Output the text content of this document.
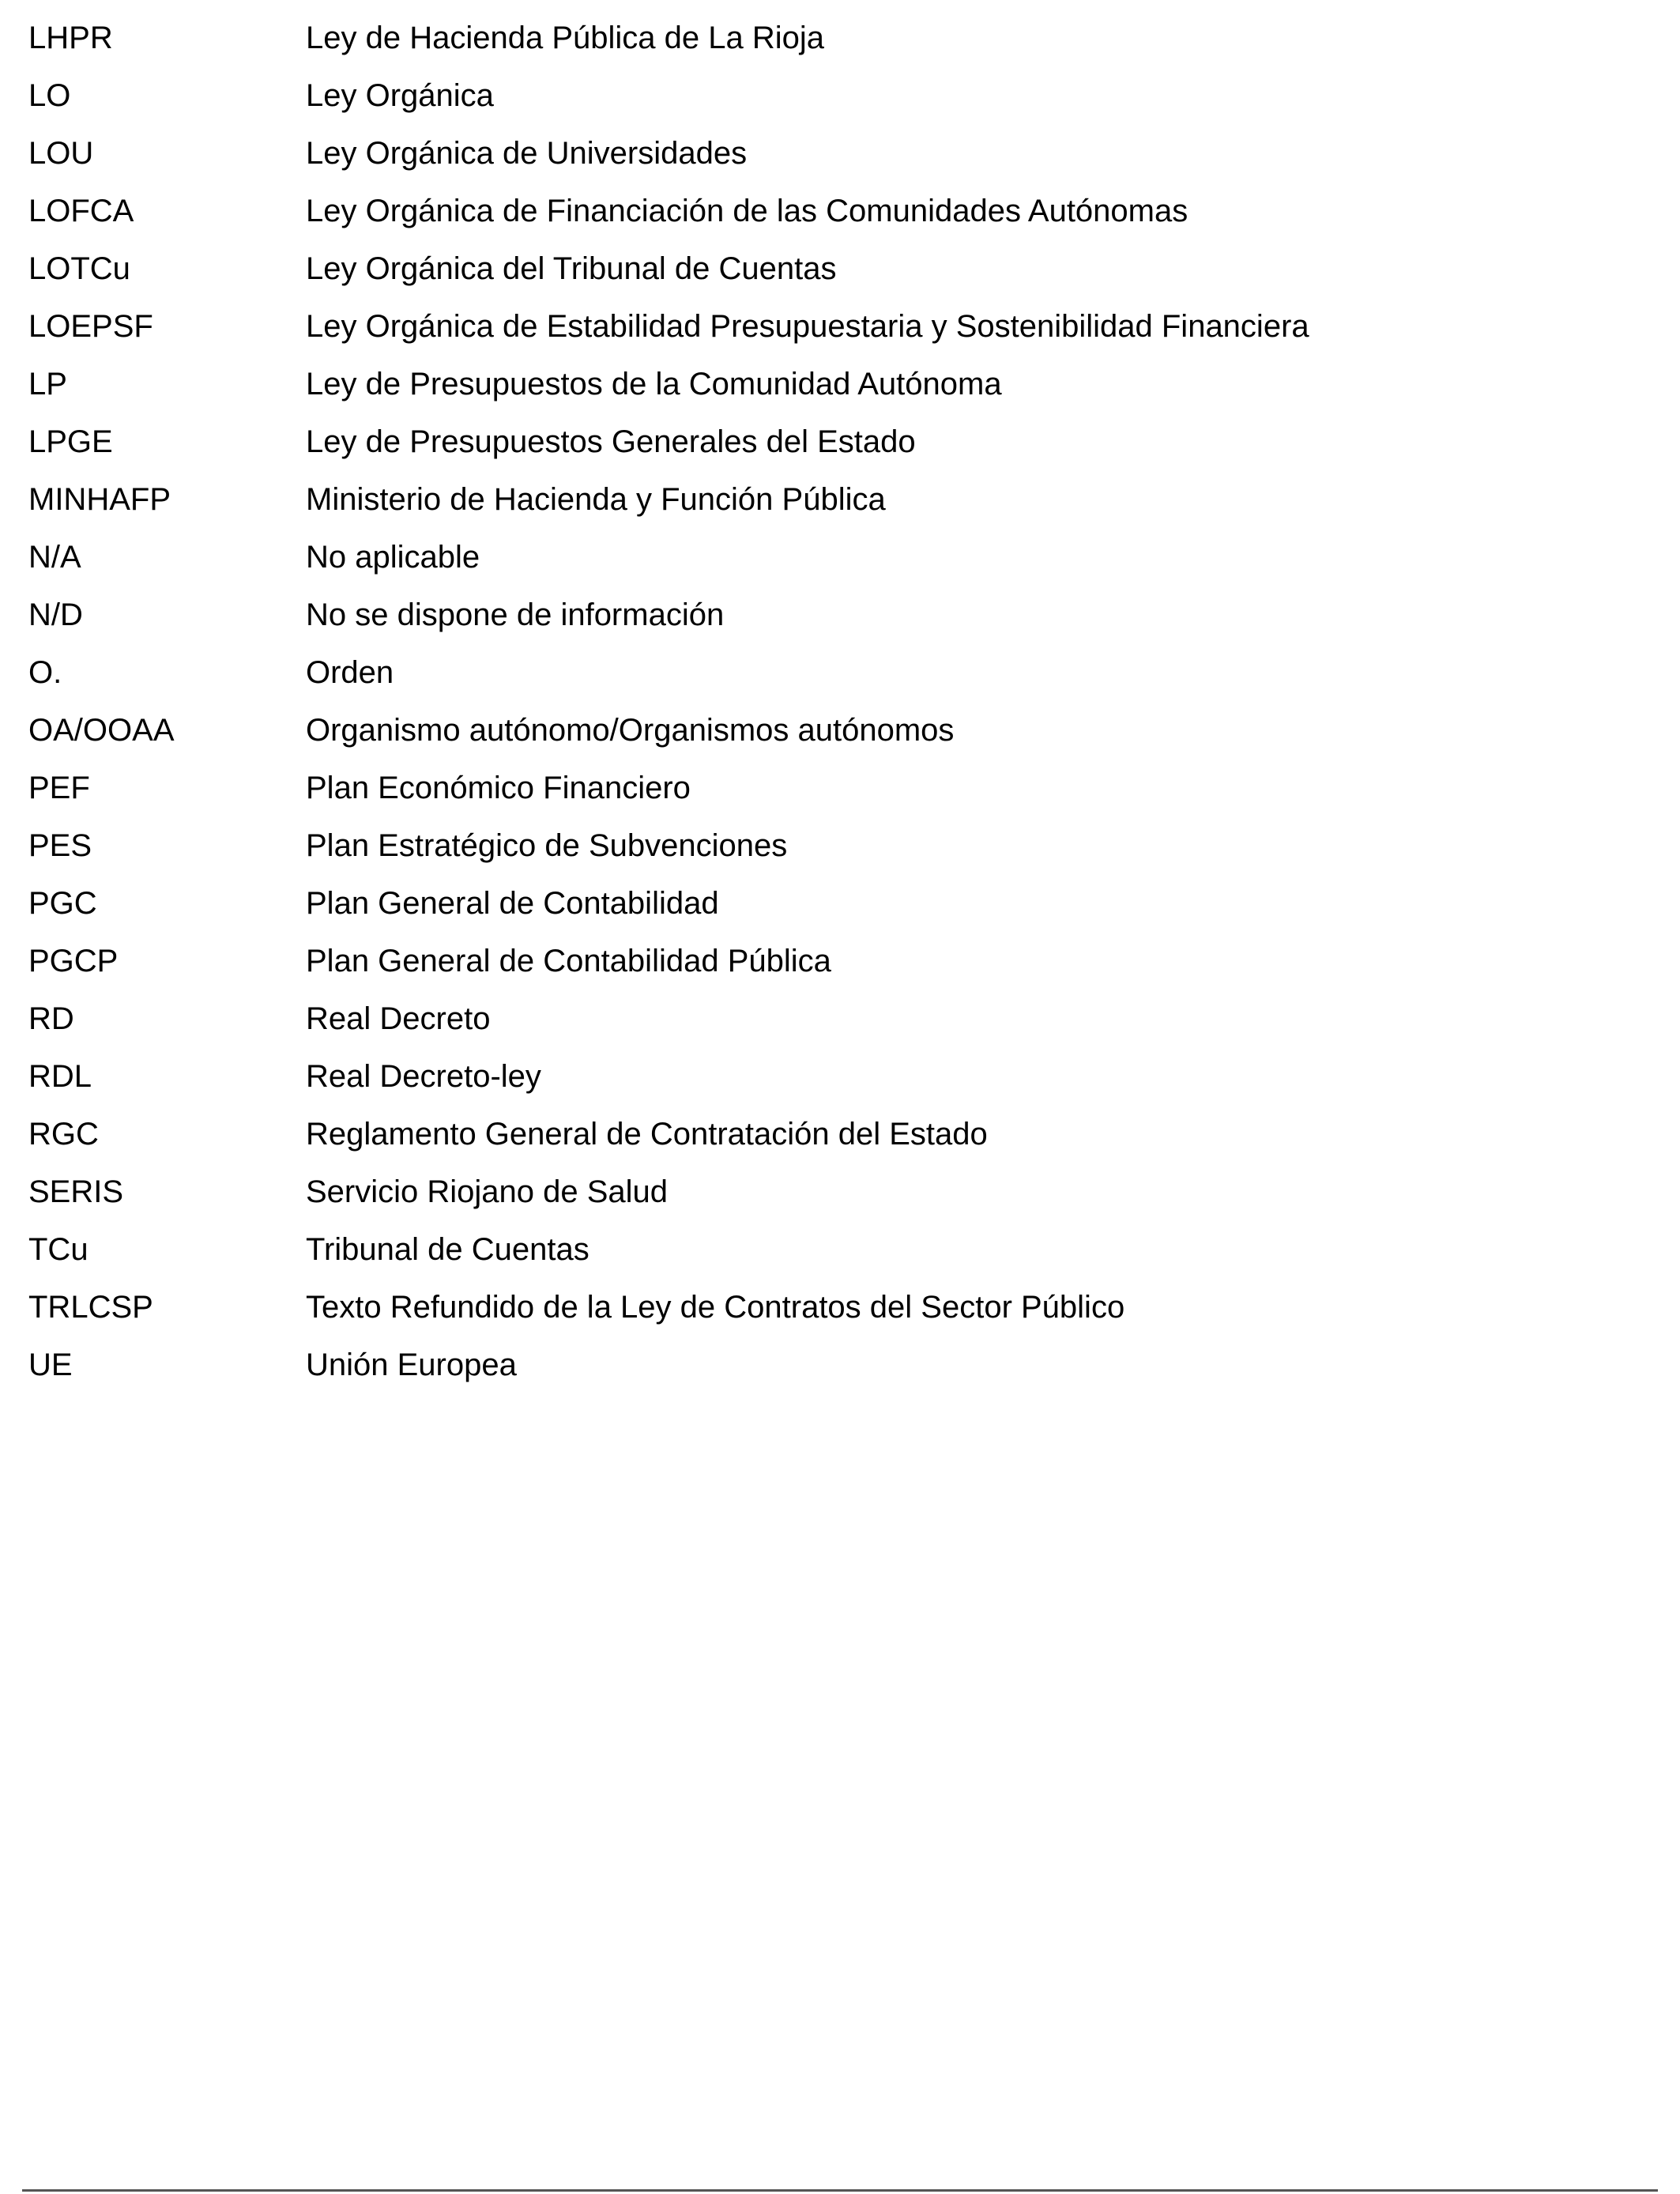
LHPR	Ley de Hacienda Pública de La Rioja
LO	Ley Orgánica
LOU	Ley Orgánica de Universidades
LOFCA	Ley Orgánica de Financiación de las Comunidades Autónomas
LOTCu	Ley Orgánica del Tribunal de Cuentas
LOEPSF	Ley Orgánica de Estabilidad Presupuestaria y Sostenibilidad Financiera
LP	Ley de Presupuestos de la Comunidad Autónoma
LPGE	Ley de Presupuestos Generales del Estado
MINHAFP	Ministerio de Hacienda y Función Pública
N/A	No aplicable
N/D	No se dispone de información
O.	Orden
OA/OOAA	Organismo autónomo/Organismos autónomos
PEF	Plan Económico Financiero
PES	Plan Estratégico de Subvenciones
PGC	Plan General de Contabilidad
PGCP	Plan General de Contabilidad Pública
RD	Real Decreto
RDL	Real Decreto-ley
RGC	Reglamento General de Contratación del Estado
SERIS	Servicio Riojano de Salud
TCu	Tribunal de Cuentas
TRLCSP	Texto Refundido de la Ley de Contratos del Sector Público
UE	Unión Europea
